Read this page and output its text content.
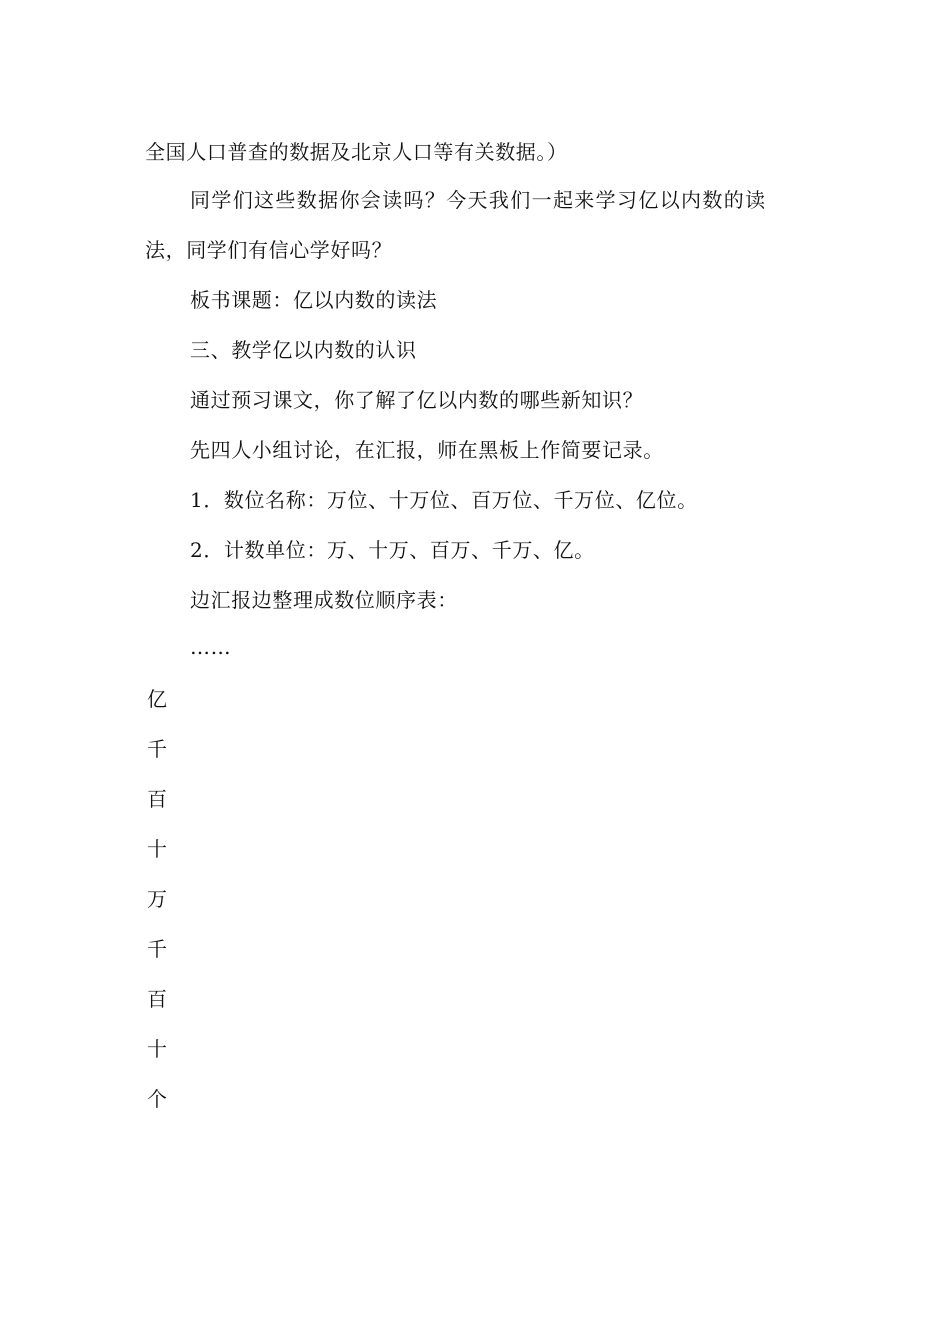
全国人口普查的数据及北京人口等有关数据。）
同学们这些数据你会读吗？今天我们一起来学习亿以内数的读
法，同学们有信心学好吗？
板书课题：亿以内数的读法
三、教学亿以内数的认识
通过预习课文，你了解了亿以内数的哪些新知识？
先四人小组讨论，在汇报，师在黑板上作简要记录。
1．数位名称：万位、十万位、百万位、千万位、亿位。
2．计数单位：万、十万、百万、千万、亿。
边汇报边整理成数位顺序表：
……
亿
千
百
十
万
千
百
十
个
